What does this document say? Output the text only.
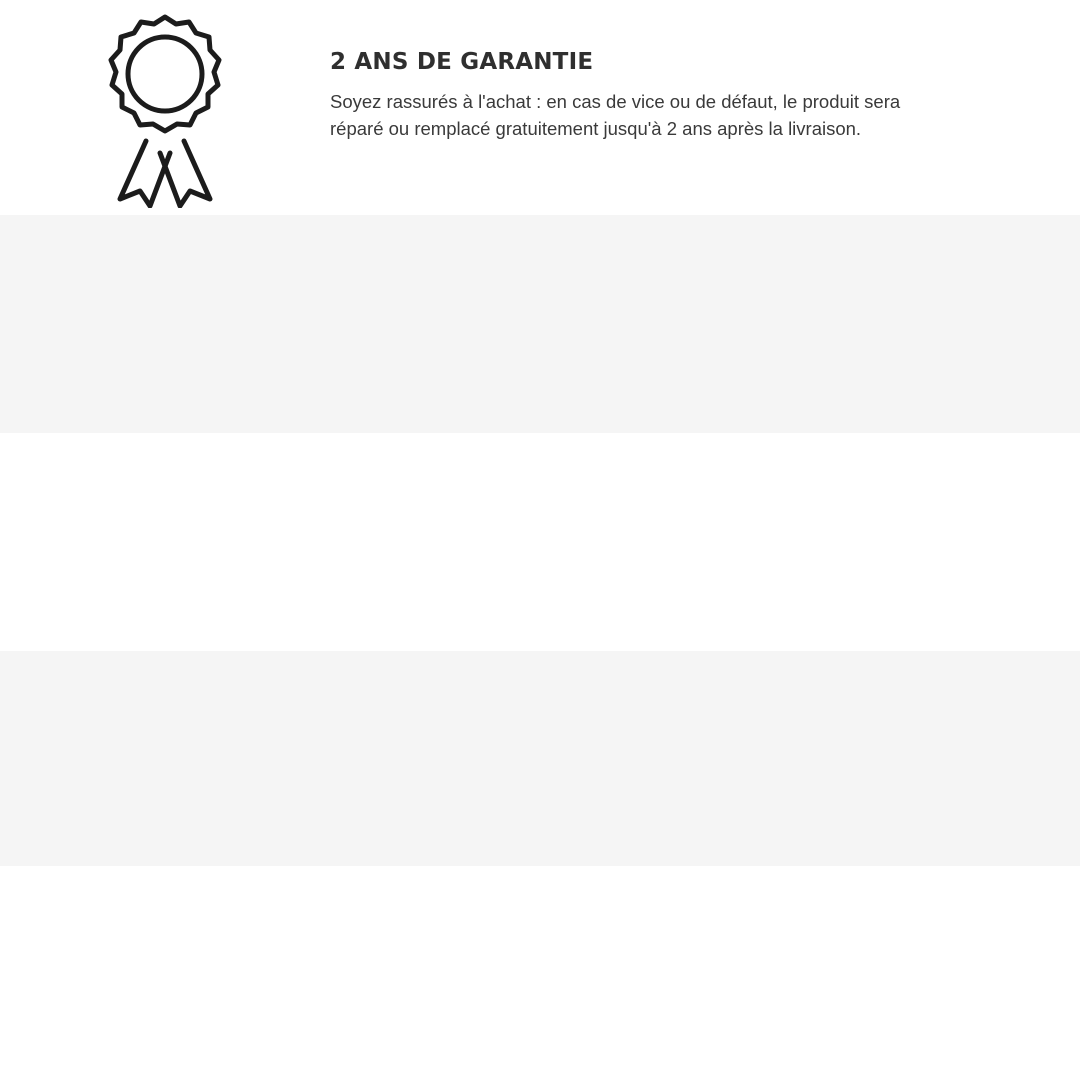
2 ANS DE GARANTIE

Soyez rassurés à l'achat : en cas de vice ou de défaut, le produit sera réparé ou remplacé gratuitement jusqu'à 2 ans après la livraison.
